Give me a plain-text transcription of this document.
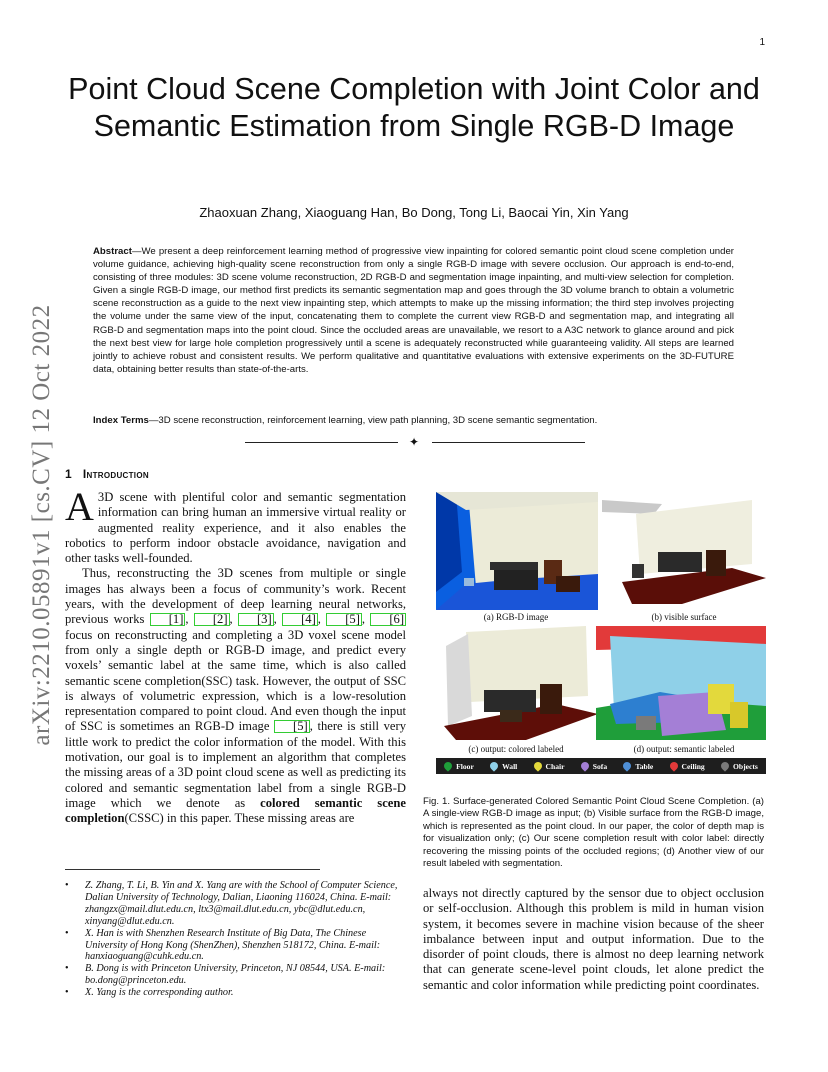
1
arXiv:2210.05891v1 [cs.CV] 12 Oct 2022
Point Cloud Scene Completion with Joint Color and Semantic Estimation from Single RGB-D Image
Zhaoxuan Zhang, Xiaoguang Han, Bo Dong, Tong Li, Baocai Yin, Xin Yang

Abstract—We present a deep reinforcement learning method of progressive view inpainting for colored semantic point cloud scene completion under volume guidance, achieving high-quality scene reconstruction from only a single RGB-D image with severe occlusion. Our approach is end-to-end, consisting of three modules: 3D scene volume reconstruction, 2D RGB-D and segmentation image inpainting, and multi-view selection for completion. Given a single RGB-D image, our method first predicts its semantic segmentation map and goes through the 3D volume branch to obtain a volumetric scene reconstruction as a guide to the next view inpainting step, which attempts to make up the missing information; the third step involves projecting the volume under the same view of the input, concatenating them to complete the current view RGB-D and segmentation map, and integrating all RGB-D and segmentation maps into the point cloud. Since the occluded areas are unavailable, we resort to a A3C network to glance around and pick the next best view for large hole completion progressively until a scene is adequately reconstructed while guaranteeing validity. All steps are learned jointly to achieve robust and consistent results. We perform qualitative and quantitative evaluations with extensive experiments on the 3D-FUTURE data, obtaining better results than state-of-the-arts.

Index Terms—3D scene reconstruction, reinforcement learning, view path planning, 3D scene semantic segmentation.

✦
1 Introduction

A 3D scene with plentiful color and semantic segmentation information can bring human an immersive virtual reality or augmented reality experience, and it also enables the robotics to perform indoor obstacle avoidance, navigation and other tasks well-founded.

Thus, reconstructing the 3D scenes from multiple or single images has always been a focus of community’s work. Recent years, with the development of deep learning neural networks, previous works [1] , [2] , [3] , [4] , [5] , [6] focus on reconstructing and completing a 3D voxel scene model from only a single depth or RGB-D image, and predict every voxels’ semantic label at the same time, which is also called semantic scene completion(SSC) task. However, the output of SSC is always of volumetric expression, which is a low-resolution representation compared to point cloud. And even though the input of SSC is sometimes an RGB-D image [5] , there is still very little work to predict the color information of the model. With this motivation, our goal is to implement an algorithm that completes the missing areas of a 3D point cloud scene as well as predicting its colored and semantic segmentation label from a single RGB-D image which we denote as colored semantic scene completion(CSSC) in this paper. These missing areas are

• Z. Zhang, T. Li, B. Yin and X. Yang are with the School of Computer Science, Dalian University of Technology, Dalian, Liaoning 116024, China. E-mail: zhangzx@mail.dlut.edu.cn, ltx3@mail.dlut.edu.cn, ybc@dlut.edu.cn, xinyang@dlut.edu.cn.
• X. Han is with Shenzhen Research Institute of Big Data, The Chinese University of Hong Kong (ShenZhen), Shenzhen 518172, China. E-mail: hanxiaoguang@cuhk.edu.cn.
• B. Dong is with Princeton University, Princeton, NJ 08544, USA. E-mail: bo.dong@princeton.edu.
• X. Yang is the corresponding author.
(a) RGB-D image	(b) visible surface
(c) output: colored labeled	(d) output: semantic labeled
Floor	Wall	Chair	Sofa	Table	Ceiling	Objects

Fig. 1. Surface-generated Colored Semantic Point Cloud Scene Completion. (a) A single-view RGB-D image as input; (b) Visible surface from the RGB-D image, which is represented as the point cloud. In our paper, the color of depth map is for visualization only; (c) Our scene completion result with color label: directly recovering the missing points of the occluded regions; (d) Another view of our result labeled with segmentation.

always not directly captured by the sensor due to object occlusion or self-occlusion. Although this problem is mild in human vision system, it becomes severe in machine vision because of the sheer imbalance between input and output information. Due to the disorder of point clouds, there is almost no deep learning network that can generate scene-level point clouds, let alone predict the semantic and color information while predicting point coordinates.
